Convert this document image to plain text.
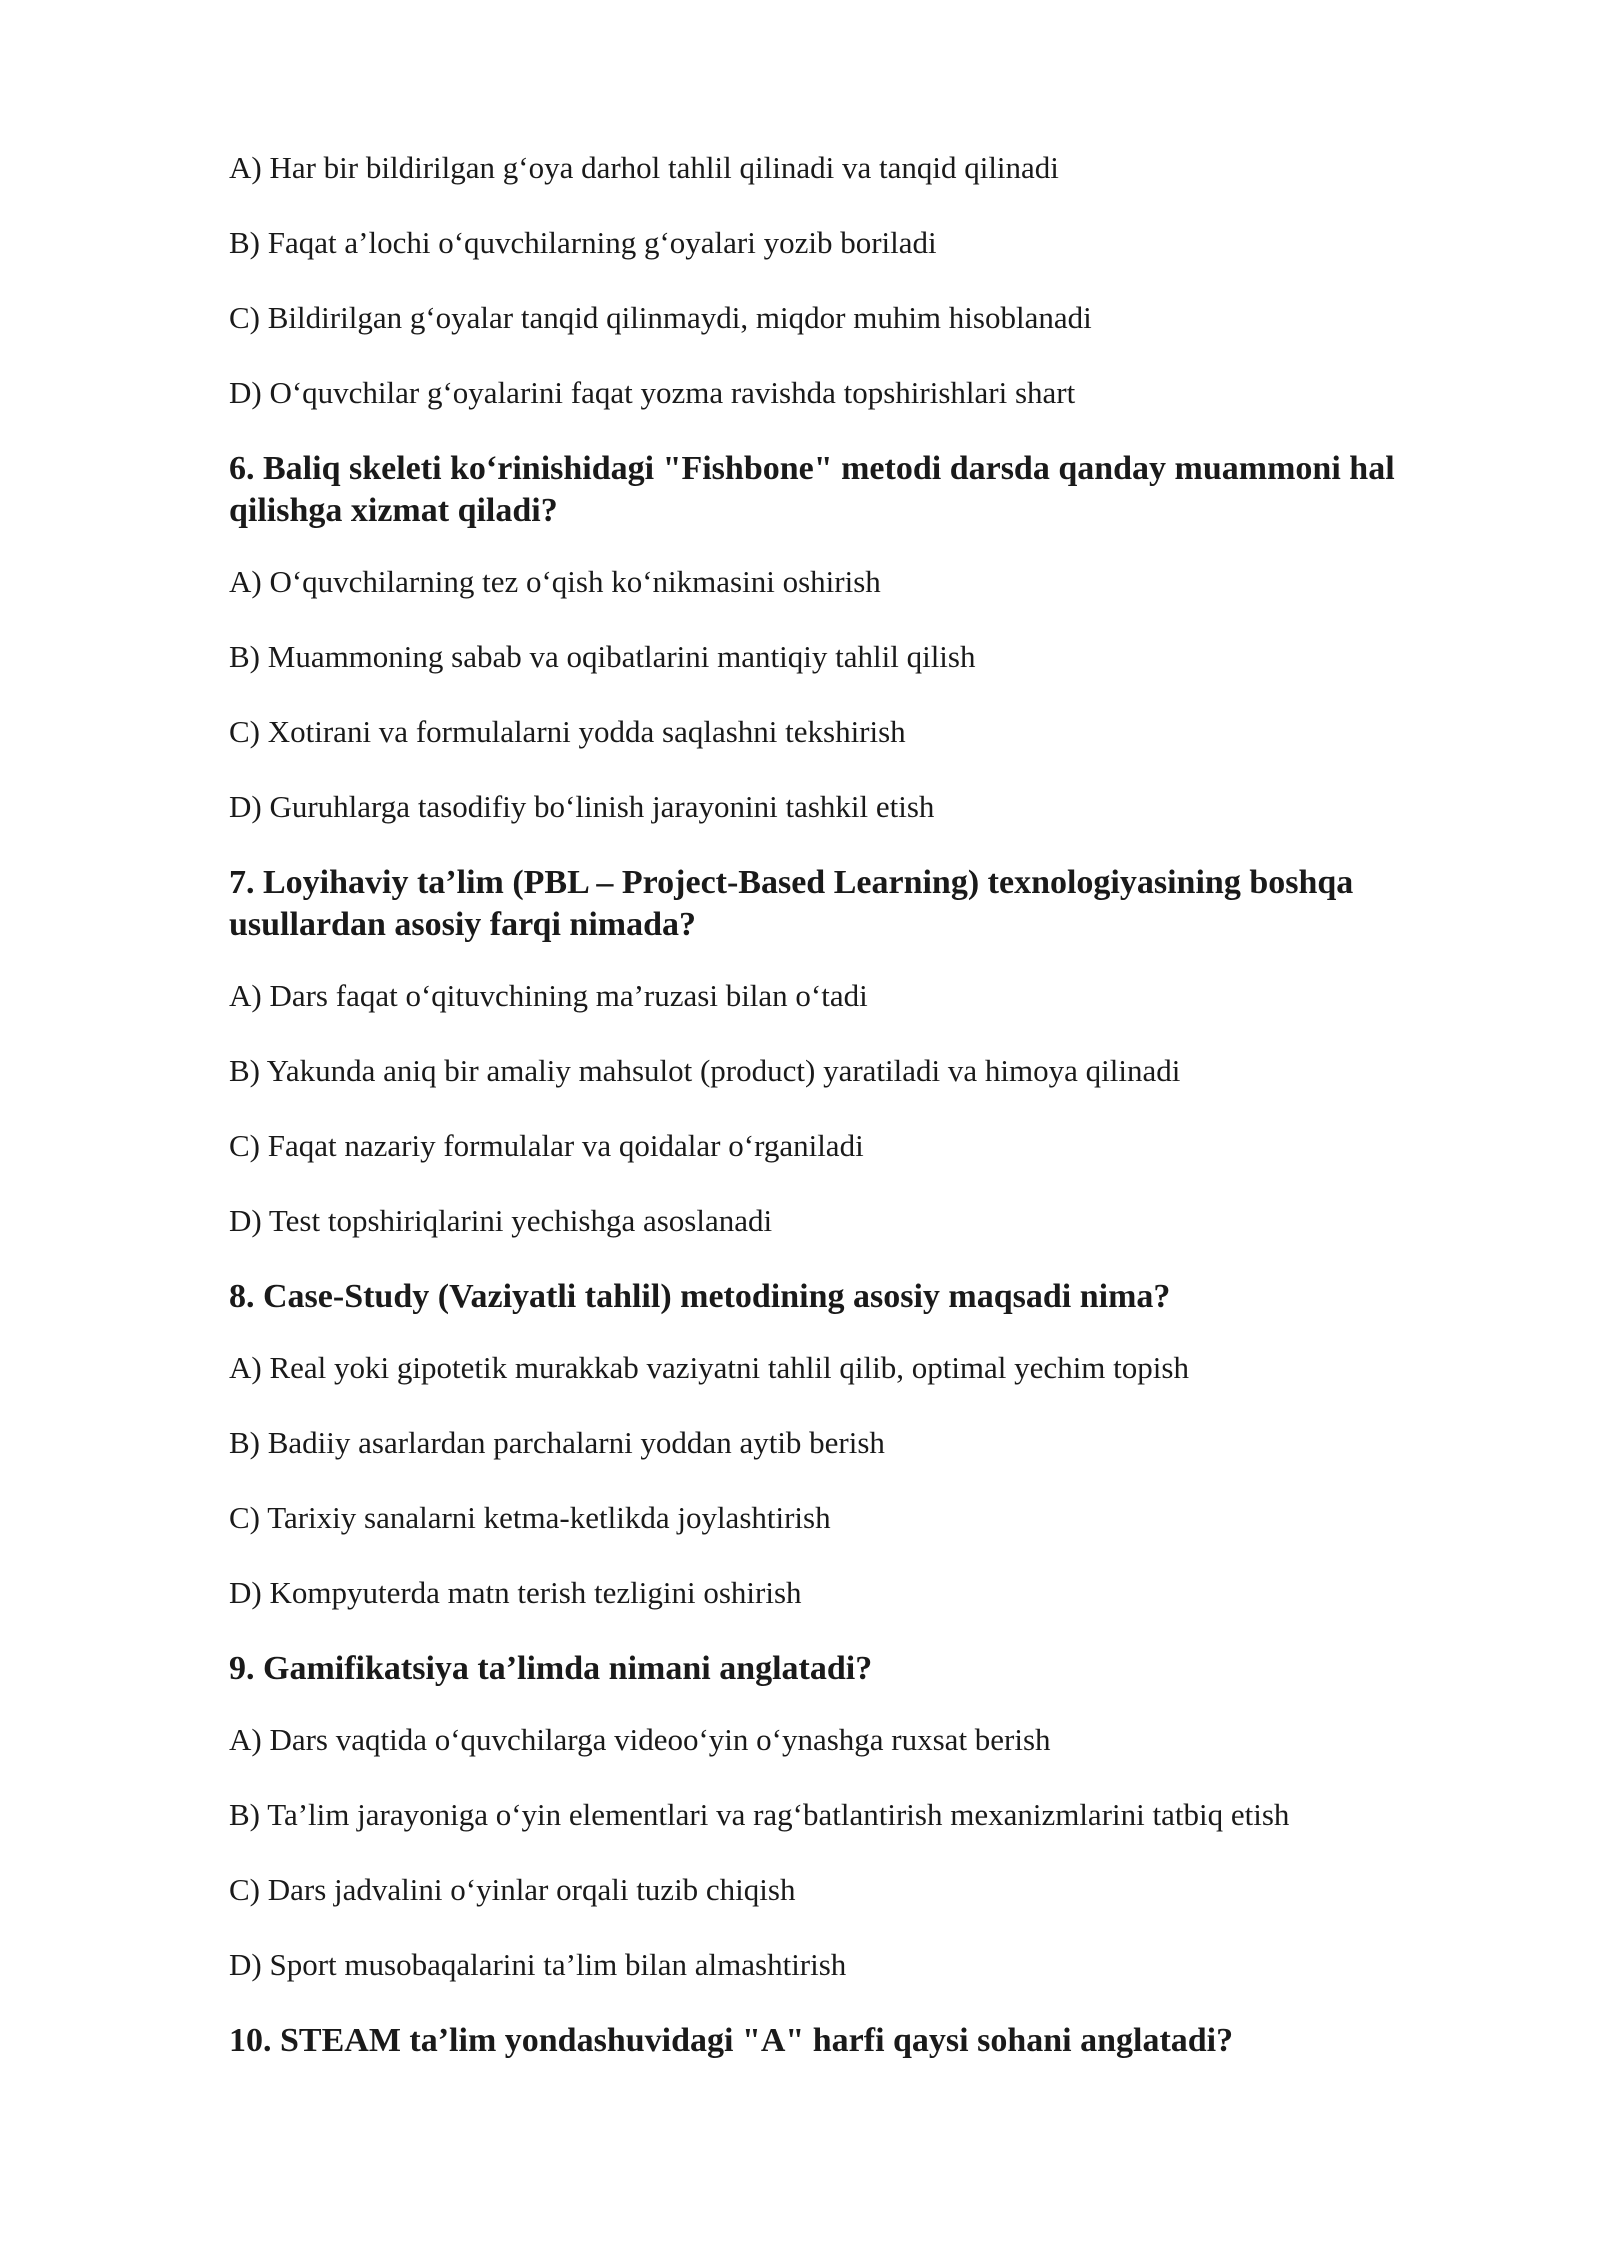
A) Har bir bildirilgan g‘oya darhol tahlil qilinadi va tanqid qilinadi
B) Faqat a’lochi o‘quvchilarning g‘oyalari yozib boriladi
C) Bildirilgan g‘oyalar tanqid qilinmaydi, miqdor muhim hisoblanadi
D) O‘quvchilar g‘oyalarini faqat yozma ravishda topshirishlari shart
6. Baliq skeleti ko‘rinishidagi "Fishbone" metodi darsda qanday muammoni hal qilishga xizmat qiladi?
A) O‘quvchilarning tez o‘qish ko‘nikmasini oshirish
B) Muammoning sabab va oqibatlarini mantiqiy tahlil qilish
C) Xotirani va formulalarni yodda saqlashni tekshirish
D) Guruhlarga tasodifiy bo‘linish jarayonini tashkil etish
7. Loyihaviy ta’lim (PBL – Project-Based Learning) texnologiyasining boshqa usullardan asosiy farqi nimada?
A) Dars faqat o‘qituvchining ma’ruzasi bilan o‘tadi
B) Yakunda aniq bir amaliy mahsulot (product) yaratiladi va himoya qilinadi
C) Faqat nazariy formulalar va qoidalar o‘rganiladi
D) Test topshiriqlarini yechishga asoslanadi
8. Case-Study (Vaziyatli tahlil) metodining asosiy maqsadi nima?
A) Real yoki gipotetik murakkab vaziyatni tahlil qilib, optimal yechim topish
B) Badiiy asarlardan parchalarni yoddan aytib berish
C) Tarixiy sanalarni ketma-ketlikda joylashtirish
D) Kompyuterda matn terish tezligini oshirish
9. Gamifikatsiya ta’limda nimani anglatadi?
A) Dars vaqtida o‘quvchilarga videoo‘yin o‘ynashga ruxsat berish
B) Ta’lim jarayoniga o‘yin elementlari va rag‘batlantirish mexanizmlarini tatbiq etish
C) Dars jadvalini o‘yinlar orqali tuzib chiqish
D) Sport musobaqalarini ta’lim bilan almashtirish
10. STEAM ta’lim yondashuvidagi "A" harfi qaysi sohani anglatadi?
